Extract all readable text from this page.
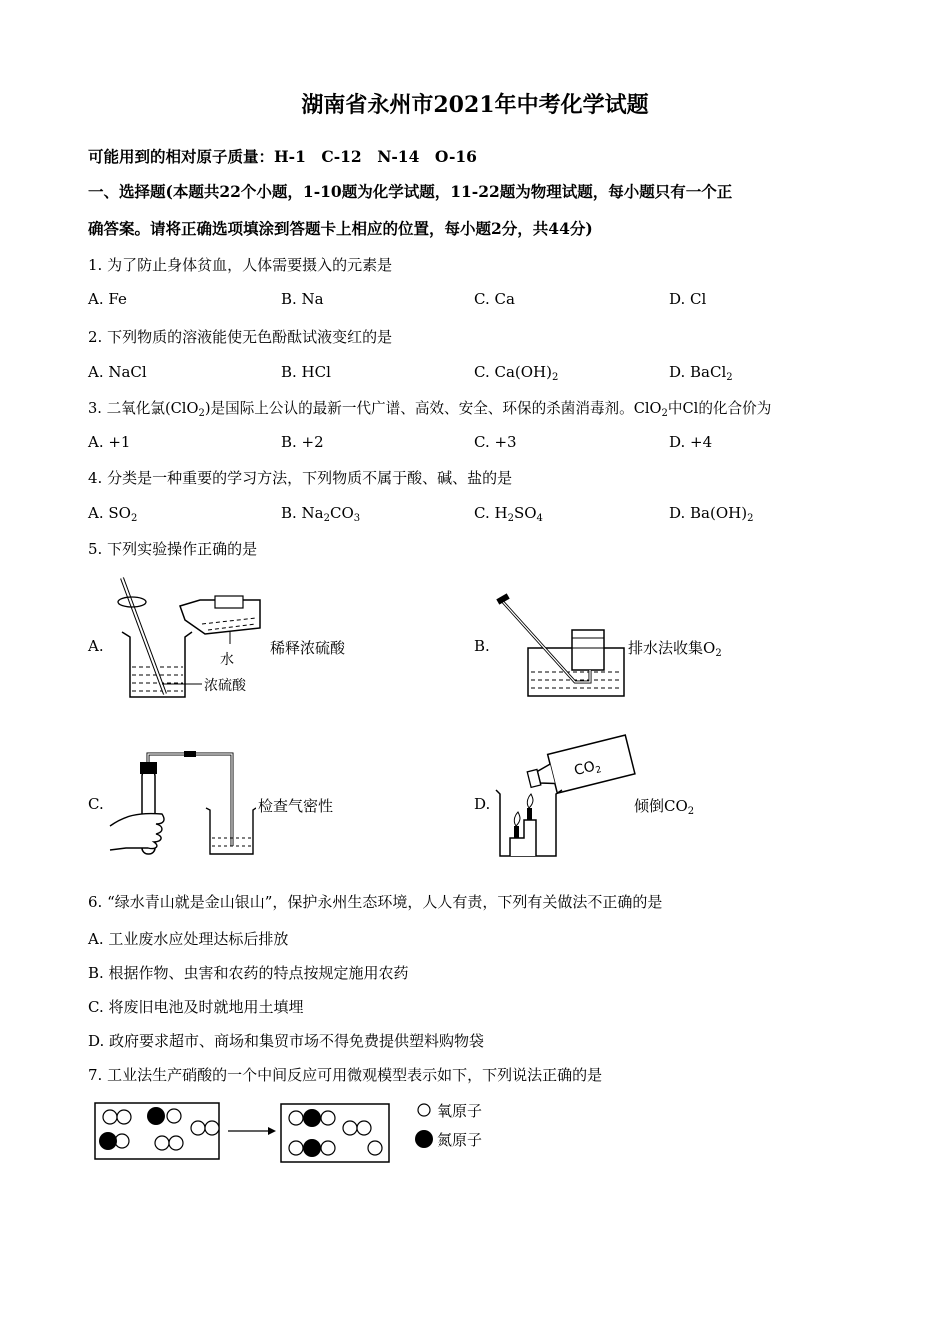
湖南省永州市2021年中考化学试题
可能用到的相对原子质量：H-1　C-12　N-14　O-16
一、选择题(本题共22个小题，1-10题为化学试题，11-22题为物理试题，每小题只有一个正
确答案。请将正确选项填涂到答题卡上相应的位置，每小题2分，共44分)
1. 为了防止身体贫血，人体需要摄入的元素是
A. Fe	B. Na	C. Ca	D. Cl
2. 下列物质的溶液能使无色酚酞试液变红的是
A. NaCl	B. HCl	C. $Ca(OH)_2$	D. BaCl$_2$
3. 二氧化氯(ClO$_2$)是国际上公认的最新一代广谱、高效、安全、环保的杀菌消毒剂。ClO$_2$中Cl的化合价为
A. +1	B. +2	C. +3	D. +4
4. 分类是一种重要的学习方法，下列物质不属于酸、碱、盐的是
A. $SO_2$	B. $Na_2CO_3$	C. $H_2SO_4$	D. $Ba(OH)_2$
5. 下列实验操作正确的是
A.
水
浓硫酸
稀释浓硫酸	B.	排水法收集$O_2$
C.	检查气密性	D.
$CO_2$
倾倒$CO_2$
6. “绿水青山就是金山银山”，保护永州生态环境，人人有责，下列有关做法不正确的是
A. 工业废水应处理达标后排放
B. 根据作物、虫害和农药的特点按规定施用农药
C. 将废旧电池及时就地用土填埋
D. 政府要求超市、商场和集贸市场不得免费提供塑料购物袋
7. 工业法生产硝酸的一个中间反应可用微观模型表示如下，下列说法正确的是
氧原子
氮原子
